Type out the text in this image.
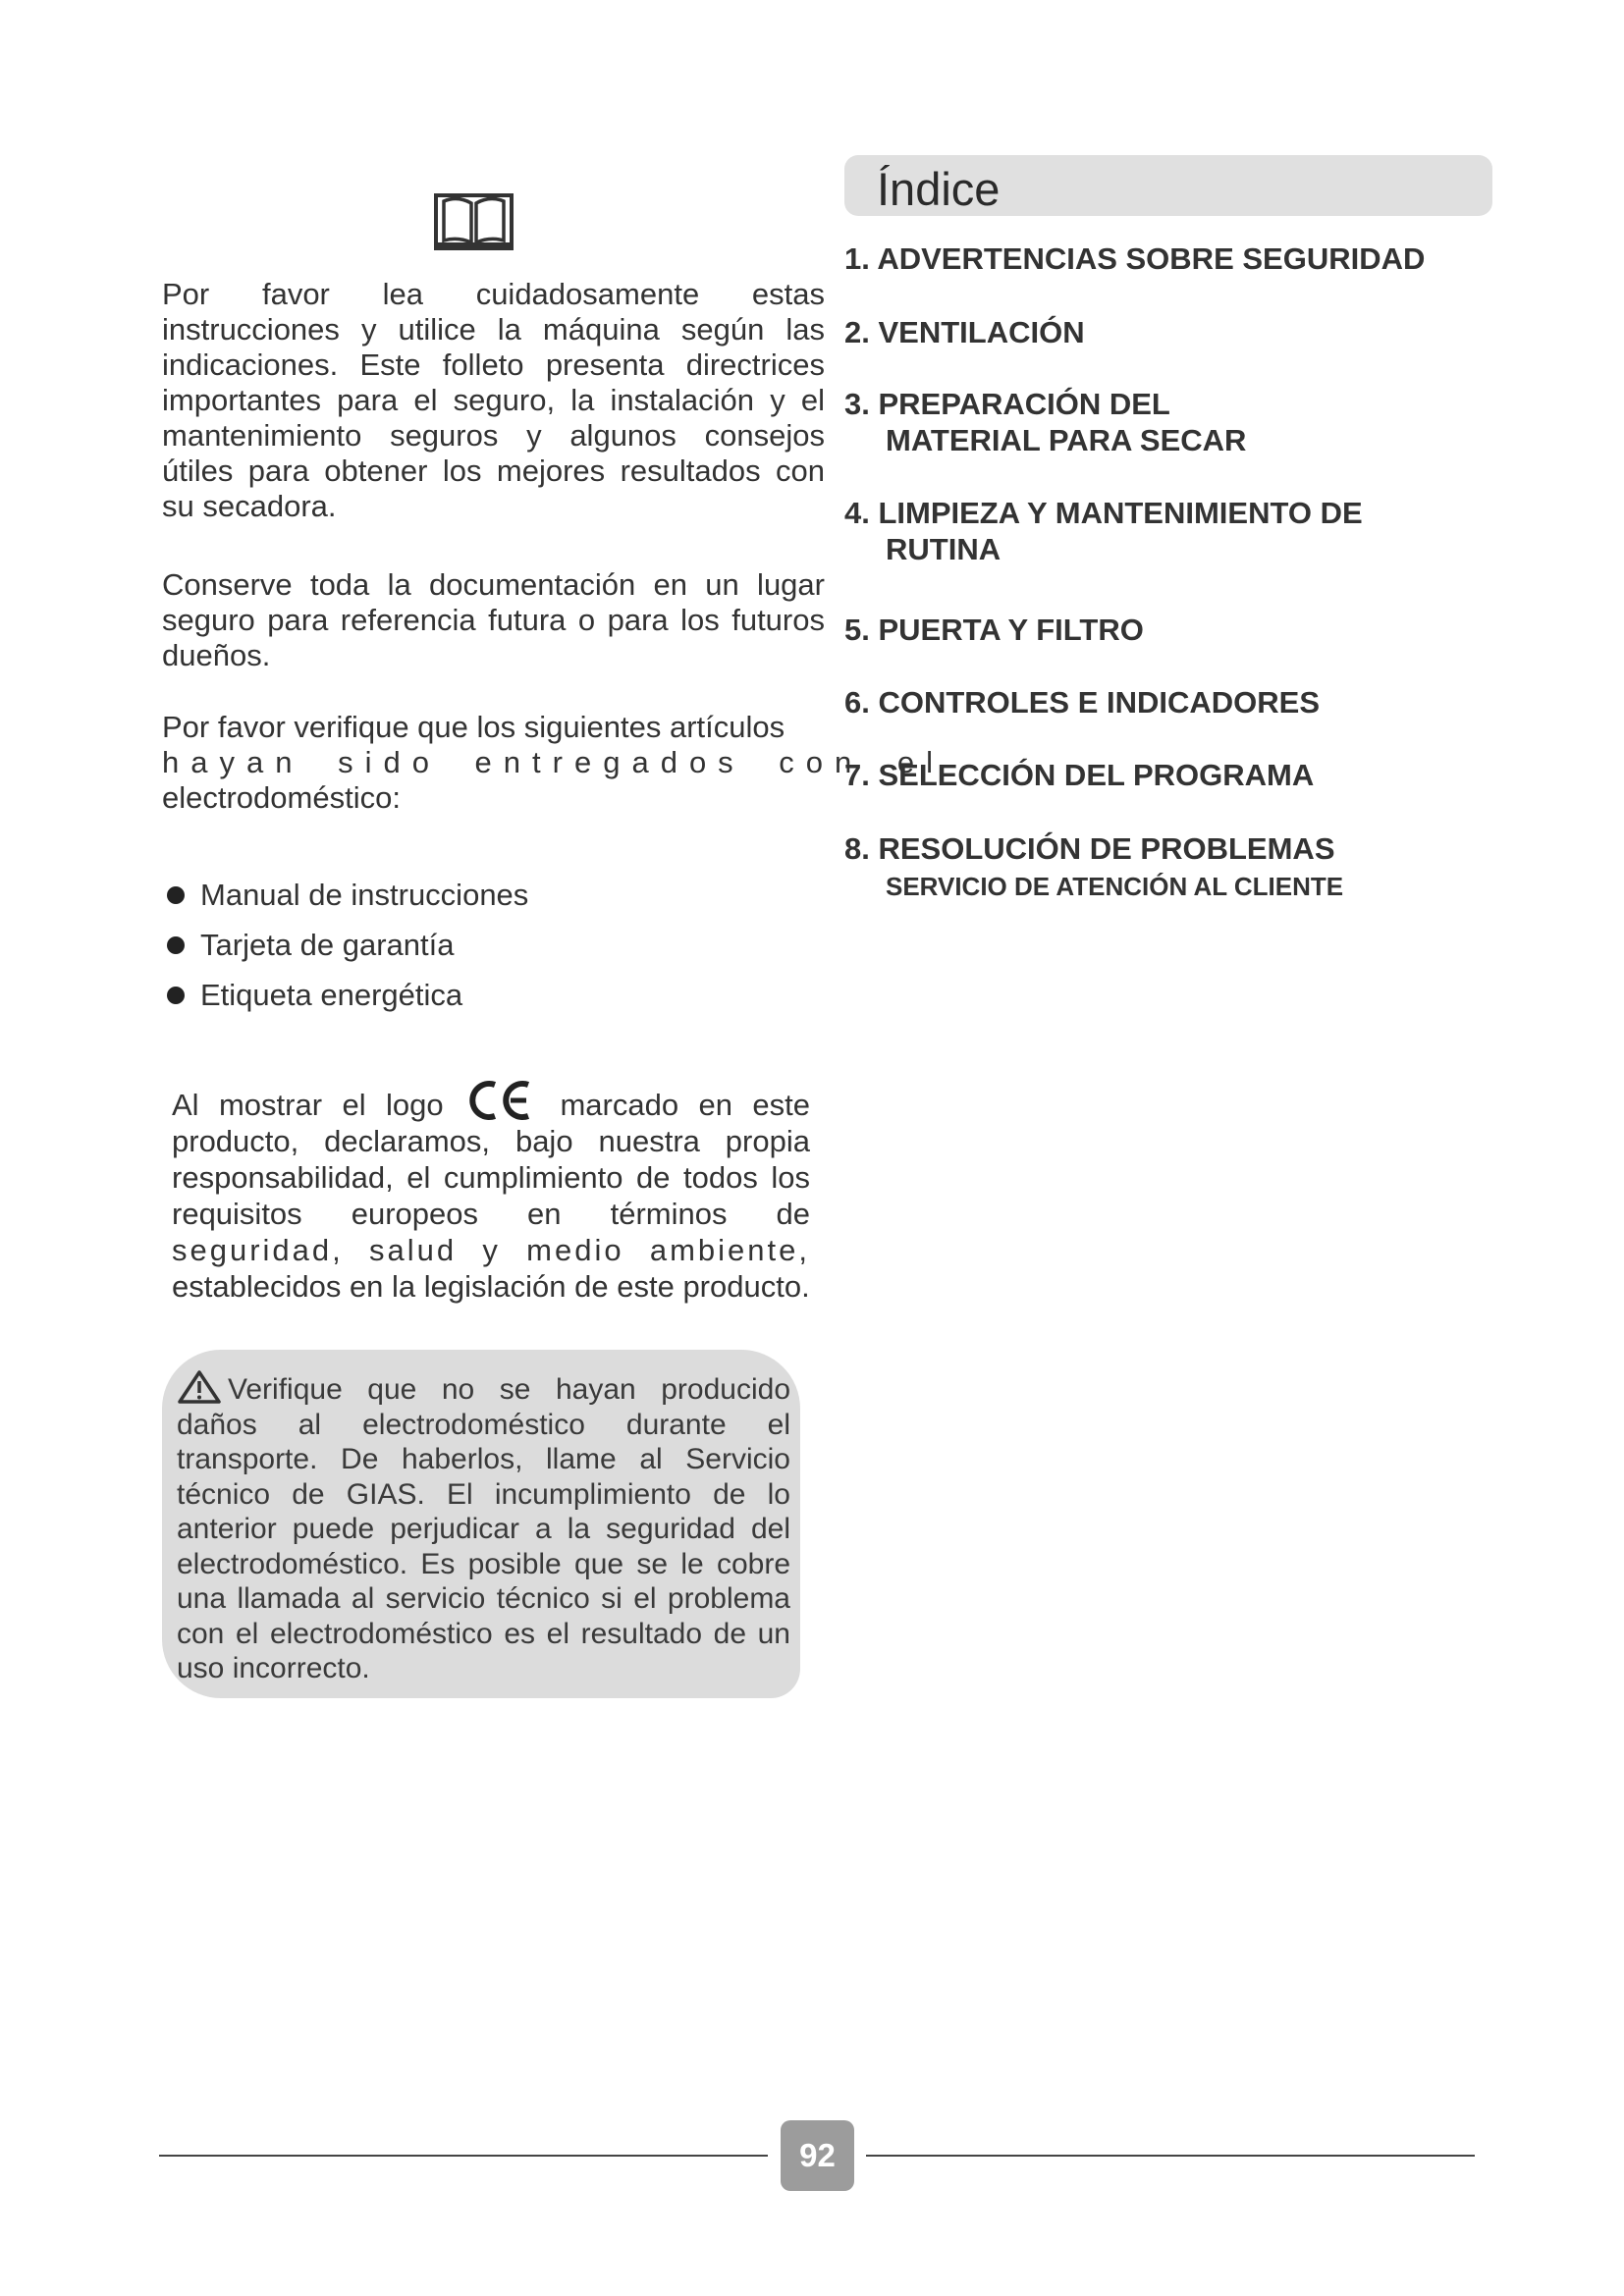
Por favor lea cuidadosamente estas instrucciones y utilice la máquina según las indicaciones. Este folleto presenta directrices importantes para el seguro, la instalación y el mantenimiento seguros y algunos consejos útiles para obtener los mejores resultados con su secadora.

Conserve toda la documentación en un lugar seguro para referencia futura o para los futuros dueños.

Por favor verifique que los siguientes artículos

hayan sido entregados con el
electrodoméstico:

Manual de instrucciones
Tarjeta de garantía
Etiqueta energética

Al mostrar el logo	marcado en este producto, declaramos, bajo nuestra propia responsabilidad, el cumplimiento de todos los requisitos europeos en términos de seguridad, salud y medio ambiente, establecidos en la legislación de este producto.

Verifique que no se hayan producido daños al electrodoméstico durante el transporte. De haberlos, llame al Servicio técnico de GIAS. El incumplimiento de lo anterior puede perjudicar a la seguridad del electrodoméstico. Es posible que se le cobre una llamada al servicio técnico si el problema con el electrodoméstico es el resultado de un uso incorrecto.

Índice
1. ADVERTENCIAS SOBRE SEGURIDAD
2. VENTILACIÓN
3. PREPARACIÓN DEL
MATERIAL PARA SECAR
4. LIMPIEZA Y MANTENIMIENTO DE
RUTINA
5. PUERTA Y FILTRO
6. CONTROLES E INDICADORES
7. SELECCIÓN DEL PROGRAMA
8. RESOLUCIÓN DE PROBLEMAS
SERVICIO DE ATENCIÓN AL CLIENTE
92
